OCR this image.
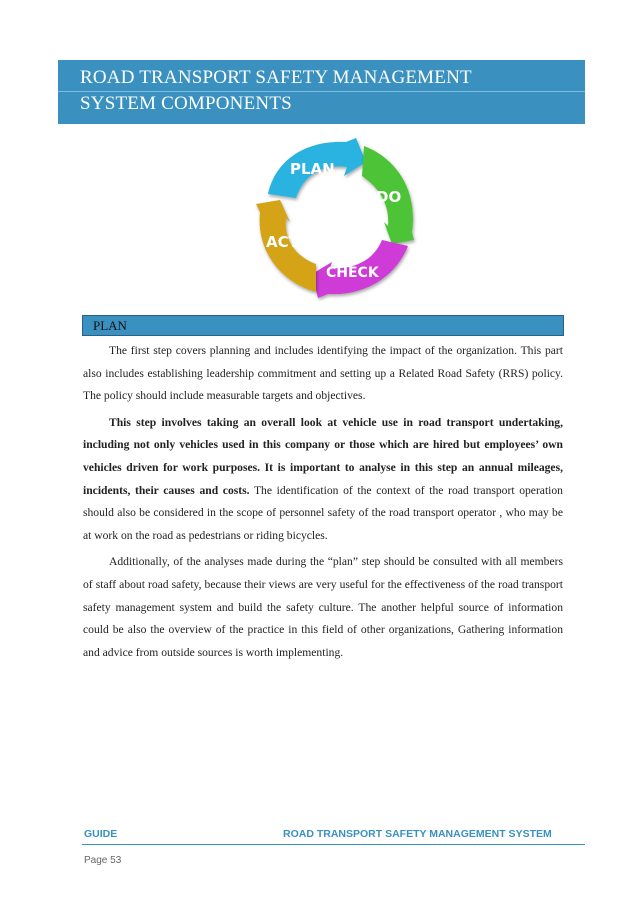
ROAD TRANSPORT SAFETY MANAGEMENT
SYSTEM COMPONENTS
PLAN
DO
CHECK
ACT
PLAN

The first step covers planning and includes identifying the impact of the organization. This part also includes establishing leadership commitment and setting up a Related Road Safety (RRS) policy. The policy should include measurable targets and objectives.

This step involves taking an overall look at vehicle use in road transport undertaking, including not only vehicles used in this company or those which are hired but employees’ own vehicles driven for work purposes. It is important to analyse in this step an annual mileages, incidents, their causes and costs. The identification of the context of the road transport operation should also be considered in the scope of personnel safety of the road transport operator , who may be at work on the road as pedestrians or riding bicycles.

Additionally, of the analyses made during the “plan” step should be consulted with all members of staff about road safety, because their views are very useful for the effectiveness of the road transport safety management system and build the safety culture. The another helpful source of information could be also the overview of the practice in this field of other organizations, Gathering information and advice from outside sources is worth implementing.

GUIDE	ROAD TRANSPORT SAFETY MANAGEMENT SYSTEM
Page 53
